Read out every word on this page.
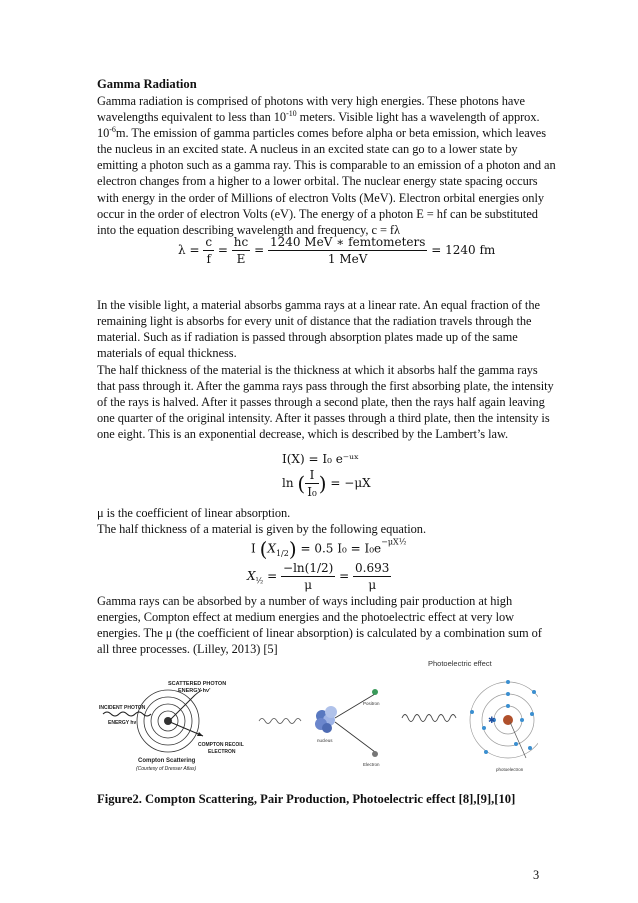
Gamma Radiation
Gamma radiation is comprised of photons with very high energies. These photons have wavelengths equivalent to less than $10^{-10}$ meters. Visible light has a wavelength of approx. $10^{-6}m$. The emission of gamma particles comes before alpha or beta emission, which leaves the nucleus in an excited state. A nucleus in an excited state can go to a lower state by emitting a photon such as a gamma ray. This is comparable to an emission of a photon and an electron changes from a higher to a lower orbital. The nuclear energy state spacing occurs with energy in the order of Millions of electron Volts (MeV). Electron orbital energies only occur in the order of electron Volts (eV). The energy of a photon E = hf can be substituted into the equation describing wavelength and frequency, c = fλ
$\lambda = \frac{c}{f} = \frac{hc}{E} = \frac{\text{1240 MeV ∗ femtometers}}{\text{1 MeV}} = 1240$ fm
In the visible light, a material absorbs gamma rays at a linear rate. An equal fraction of the remaining light is absorbs for every unit of distance that the radiation travels through the material. Such as if radiation is passed through absorption plates made up of the same materials of equal thickness.
The half thickness of the material is the thickness at which it absorbs half the gamma rays that pass through it. After the gamma rays pass through the first absorbing plate, the intensity of the rays is halved. After it passes through a second plate, then the rays half again leaving one quarter of the original intensity. After it passes through a third plate, then the intensity is one eight. This is an exponential decrease, which is described by the Lambert’s law.
I(X) = I₀ e⁻ᵘˣ
ln ( $\frac{I}{\text{I₀}}$ ) = −μX
μ is the coefficient of linear absorption.
The half thickness of a material is given by the following equation.
I $(X_{1/2}) = 0.5$ $I_0 = I_0e^{-\mu X\frac{1}{2}}$
$X_{\frac{1}{2}} = \frac{-\ln(1/2)}{\mu} = \frac{0.693}{\mu}$
Gamma rays can be absorbed by a number of ways including pair production at high energies, Compton effect at medium energies and the photoelectric effect at very low energies. The μ (the coefficient of linear absorption) is calculated by a combination sum of all three processes. (Lilley, 2013) [5]
Photoelectric effect
SCATTERED PHOTON
ENERGY hν'
INCIDENT PHOTON
ENERGY hν
COMPTON RECOIL
ELECTRON
Compton Scattering
(Courtesy of Dresser Atlas)
Positron
Electron
nucleus
✱
photoelectron
Figure2. Compton Scattering, Pair Production, Photoelectric effect [8],[9],[10]
3
